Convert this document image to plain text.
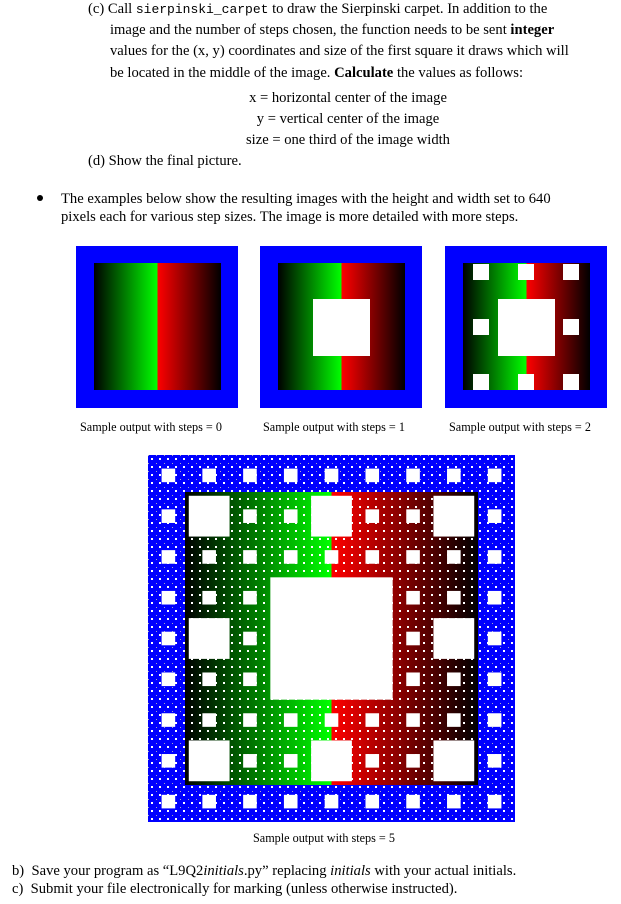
(c) Call sierpinski_carpet to draw the Sierpinski carpet. In addition to the
image and the number of steps chosen, the function needs to be sent integer
values for the (x, y) coordinates and size of the first square it draws which will
be located in the middle of the image. Calculate the values as follows:
x = horizontal center of the image
y = vertical center of the image
size = one third of the image width
(d) Show the final picture.
The examples below show the resulting images with the height and width set to 640
pixels each for various step sizes. The image is more detailed with more steps.
Sample output with steps = 0	Sample output with steps = 1	Sample output with steps = 2
Sample output with steps = 5
b) Save your program as “L9Q2initials.py” replacing initials with your actual initials.
c) Submit your file electronically for marking (unless otherwise instructed).
